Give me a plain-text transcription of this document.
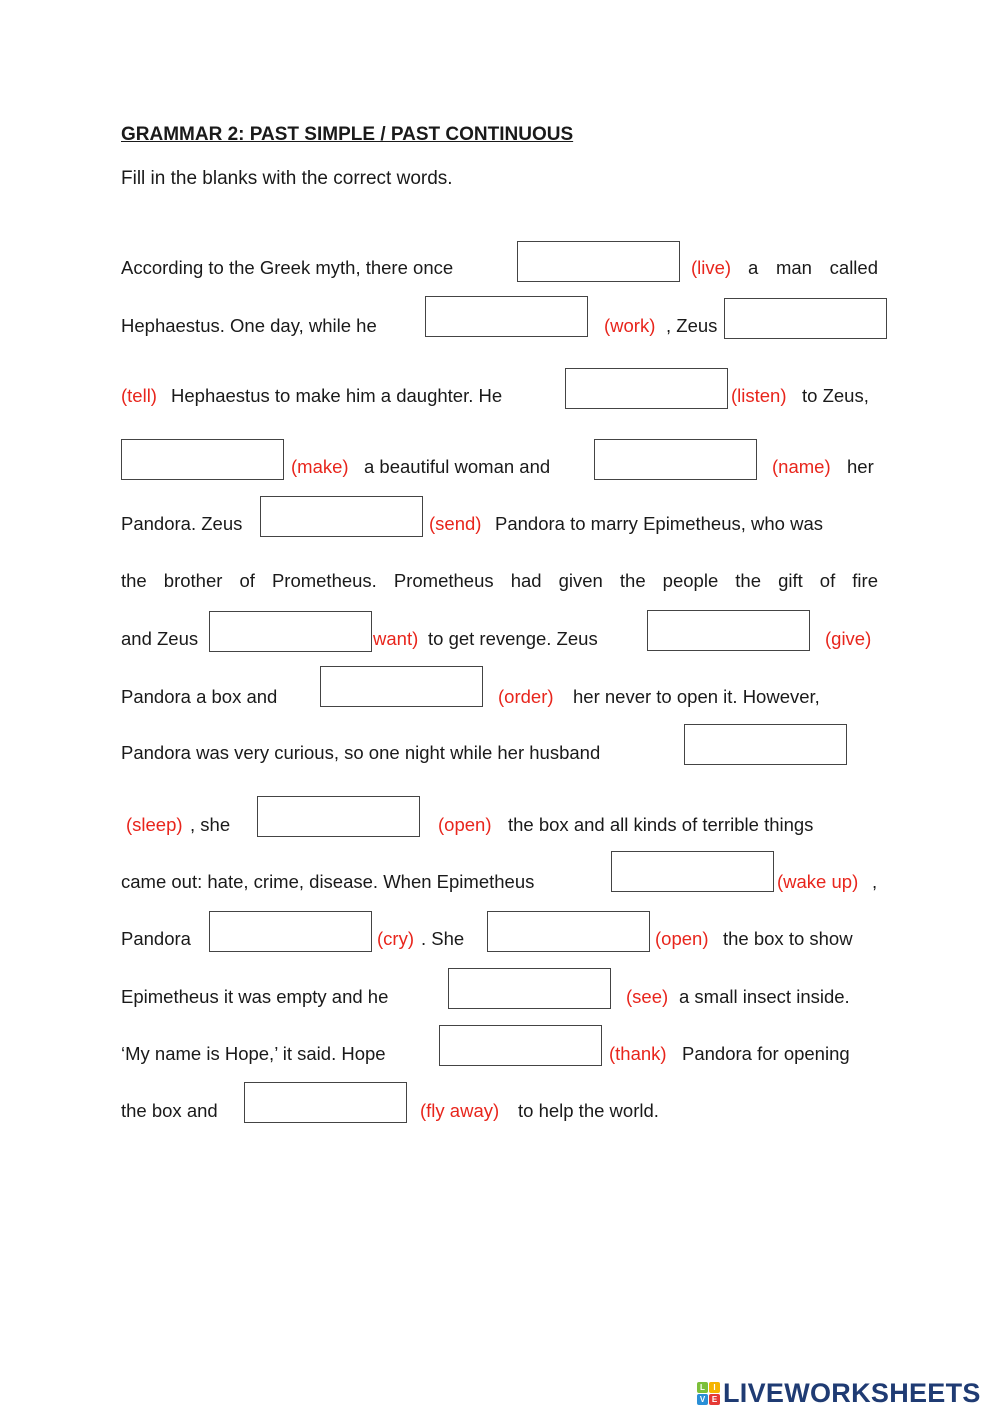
GRAMMAR 2: PAST SIMPLE / PAST CONTINUOUS
Fill in the blanks with the correct words.
According to the Greek myth, there once	(live) a man called
Hephaestus. One day, while he	(work) , Zeus
(tell) Hephaestus to make him a daughter. He	(listen) to Zeus,
(make) a beautiful woman and	(name) her
Pandora. Zeus	(send) Pandora to marry Epimetheus, who was
the brother of Prometheus. Prometheus had given the people the gift of fire
and Zeus	want) to get revenge. Zeus	(give)
Pandora a box and	(order) her never to open it. However,
Pandora was very curious, so one night while her husband
(sleep) , she	(open) the box and all kinds of terrible things
came out: hate, crime, disease. When Epimetheus	(wake up) ,
Pandora	(cry) . She	(open) the box to show
Epimetheus it was empty and he	(see) a small insect inside.
‘My name is Hope,’ it said. Hope	(thank) Pandora for opening
the box and	(fly away) to help the world.
L	I
V E LIVEWORKSHEETS
